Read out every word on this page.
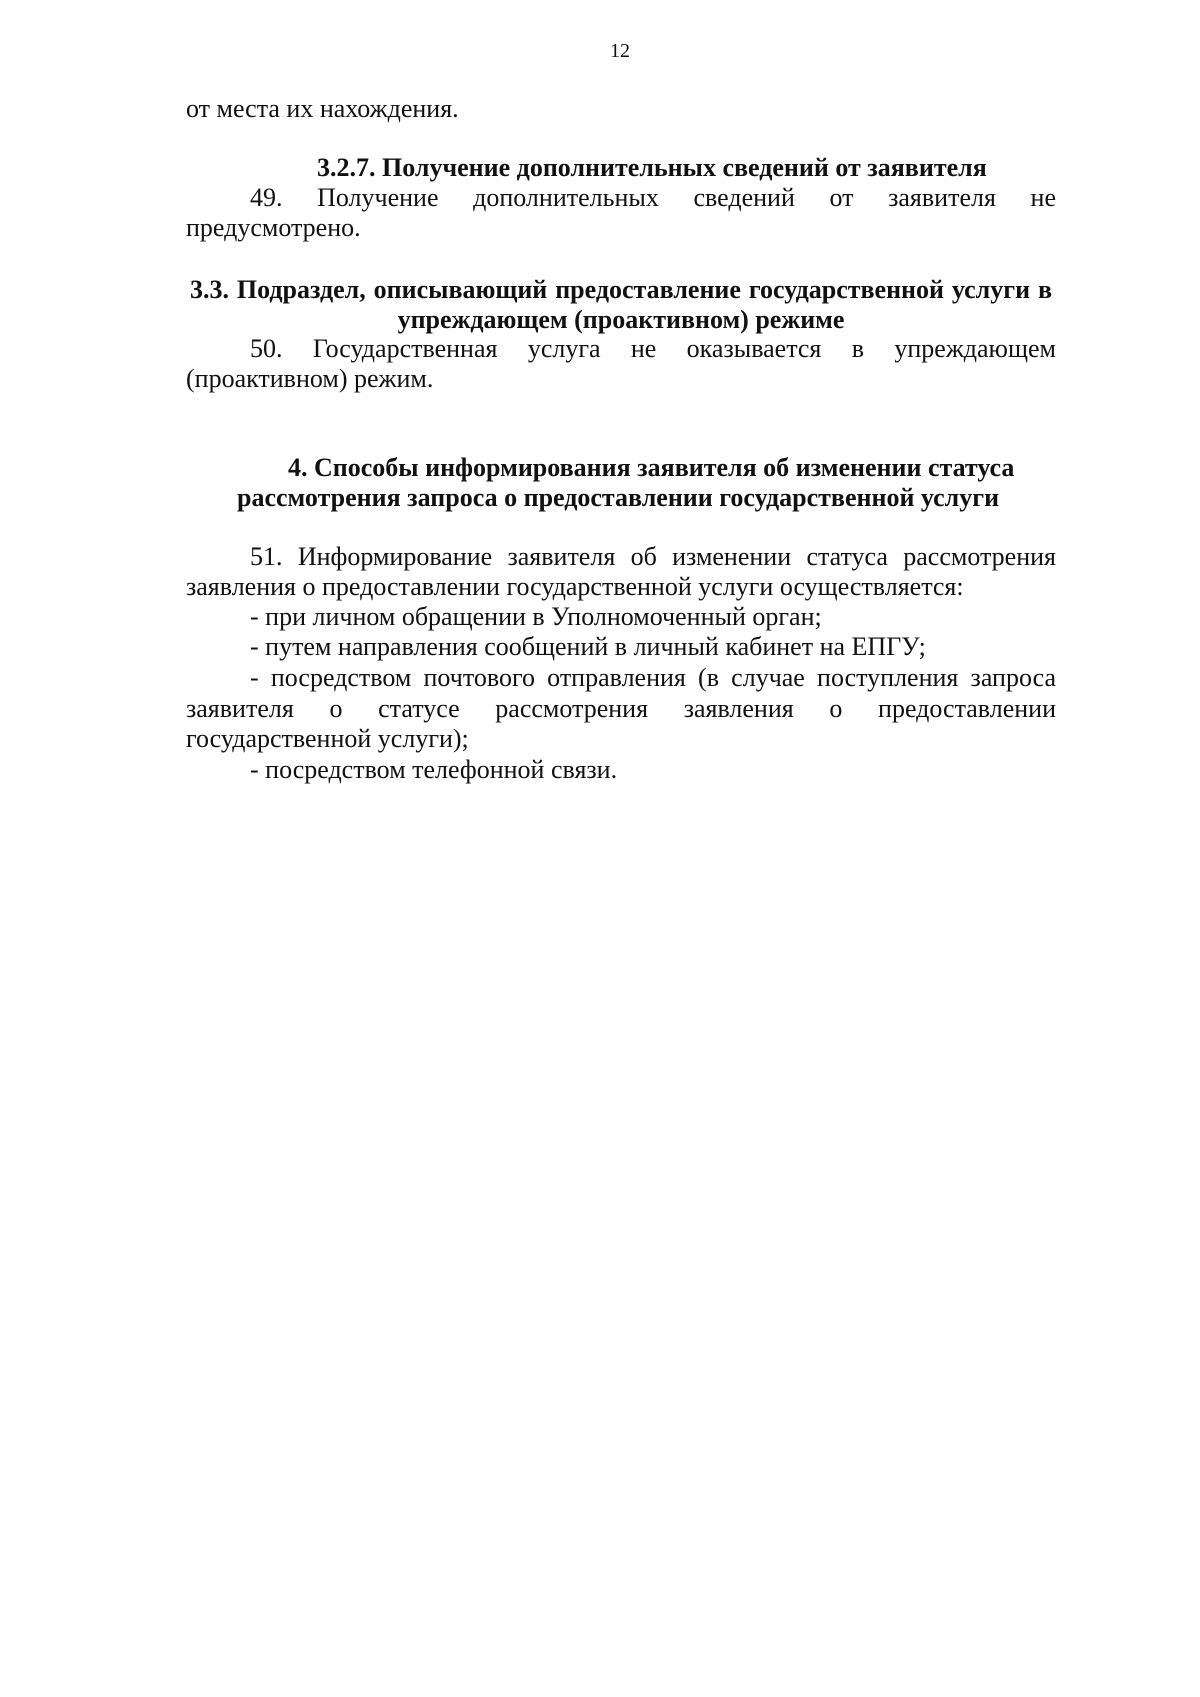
12
от места их нахождения.
3.2.7. Получение дополнительных сведений от заявителя
49. Получение дополнительных сведений от заявителя не
предусмотрено.
3.3. Подраздел, описывающий предоставление государственной услуги в
упреждающем (проактивном) режиме
50. Государственная услуга не оказывается в упреждающем
(проактивном) режим.
4. Способы информирования заявителя об изменении статуса
рассмотрения запроса о предоставлении государственной услуги
51. Информирование заявителя об изменении статуса рассмотрения
заявления о предоставлении государственной услуги осуществляется:
- при личном обращении в Уполномоченный орган;
- путем направления сообщений в личный кабинет на ЕПГУ;
- посредством почтового отправления (в случае поступления запроса
заявителя о статусе рассмотрения заявления о предоставлении
государственной услуги);
- посредством телефонной связи.
